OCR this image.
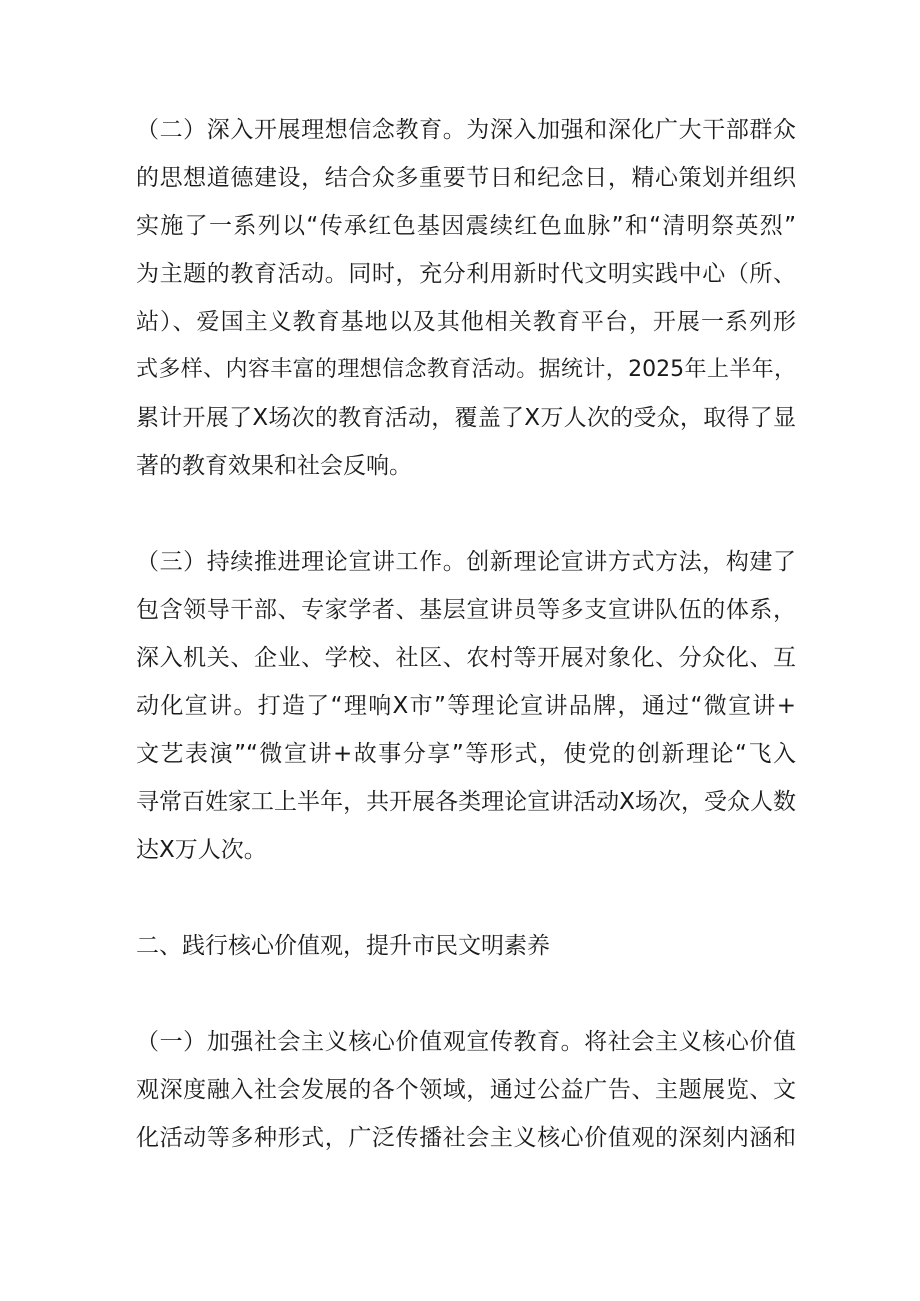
（二）深入开展理想信念教育。为深入加强和深化广大干部群众
的思想道德建设，结合众多重要节日和纪念日，精心策划并组织
实施了一系列以“传承红色基因震续红色血脉”和“清明祭英烈”
为主题的教育活动。同时，充分利用新时代文明实践中心（所、
站）、爱国主义教育基地以及其他相关教育平台，开展一系列形
式多样、内容丰富的理想信念教育活动。据统计，2025年上半年，
累计开展了X场次的教育活动，覆盖了X万人次的受众，取得了显
著的教育效果和社会反响。
（三）持续推进理论宣讲工作。创新理论宣讲方式方法，构建了
包含领导干部、专家学者、基层宣讲员等多支宣讲队伍的体系，
深入机关、企业、学校、社区、农村等开展对象化、分众化、互
动化宣讲。打造了“理响X市”等理论宣讲品牌，通过“微宣讲+
文艺表演”“微宣讲+故事分享”等形式，使党的创新理论“飞入
寻常百姓家工上半年，共开展各类理论宣讲活动X场次，受众人数
达X万人次。
二、践行核心价值观，提升市民文明素养
（一）加强社会主义核心价值观宣传教育。将社会主义核心价值
观深度融入社会发展的各个领域，通过公益广告、主题展览、文
化活动等多种形式，广泛传播社会主义核心价值观的深刻内涵和
